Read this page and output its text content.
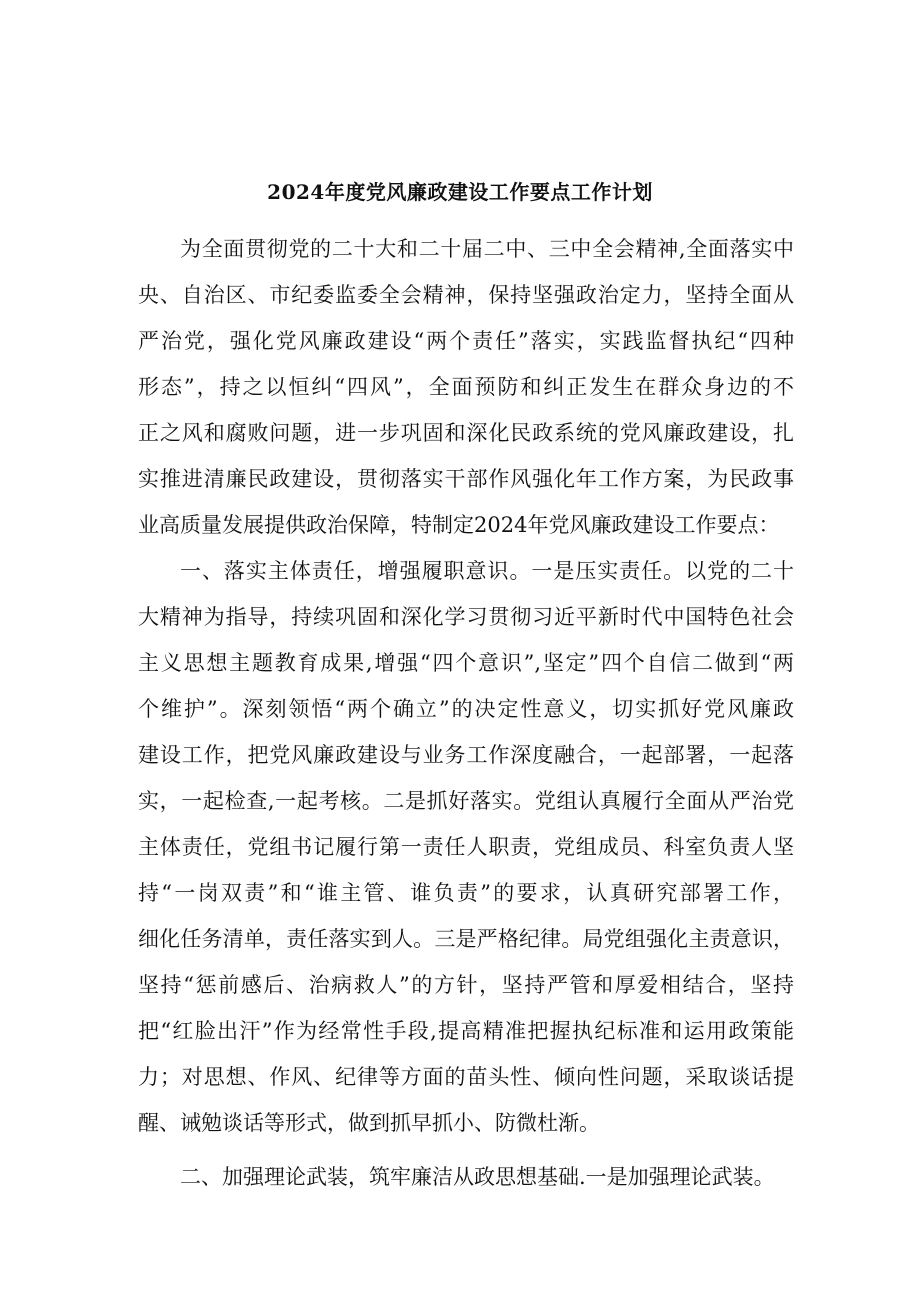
2024年度党风廉政建设工作要点工作计划
为全面贯彻党的二十大和二十届二中、三中全会精神,全面落实中
央、自治区、市纪委监委全会精神，保持坚强政治定力，坚持全面从
严治党，强化党风廉政建设“两个责任”落实，实践监督执纪“四种
形态”，持之以恒纠“四风”，全面预防和纠正发生在群众身边的不
正之风和腐败问题，进一步巩固和深化民政系统的党风廉政建设，扎
实推进清廉民政建设，贯彻落实干部作风强化年工作方案，为民政事
业高质量发展提供政治保障，特制定2024年党风廉政建设工作要点：
一、落实主体责任，增强履职意识。一是压实责任。以党的二十
大精神为指导，持续巩固和深化学习贯彻习近平新时代中国特色社会
主义思想主题教育成果,增强“四个意识”,坚定”四个自信二做到“两
个维护”。深刻领悟“两个确立”的决定性意义，切实抓好党风廉政
建设工作，把党风廉政建设与业务工作深度融合，一起部署，一起落
实，一起检查,一起考核。二是抓好落实。党组认真履行全面从严治党
主体责任，党组书记履行第一责任人职责，党组成员、科室负责人坚
持“一岗双责”和“谁主管、谁负责”的要求，认真研究部署工作，
细化任务清单，责任落实到人。三是严格纪律。局党组强化主责意识，
坚持“惩前感后、治病救人”的方针，坚持严管和厚爱相结合，坚持
把“红脸出汗”作为经常性手段,提高精准把握执纪标准和运用政策能
力；对思想、作风、纪律等方面的苗头性、倾向性问题，采取谈话提
醒、诫勉谈话等形式，做到抓早抓小、防微杜渐。
二、加强理论武装，筑牢廉洁从政思想基础.一是加强理论武装。
